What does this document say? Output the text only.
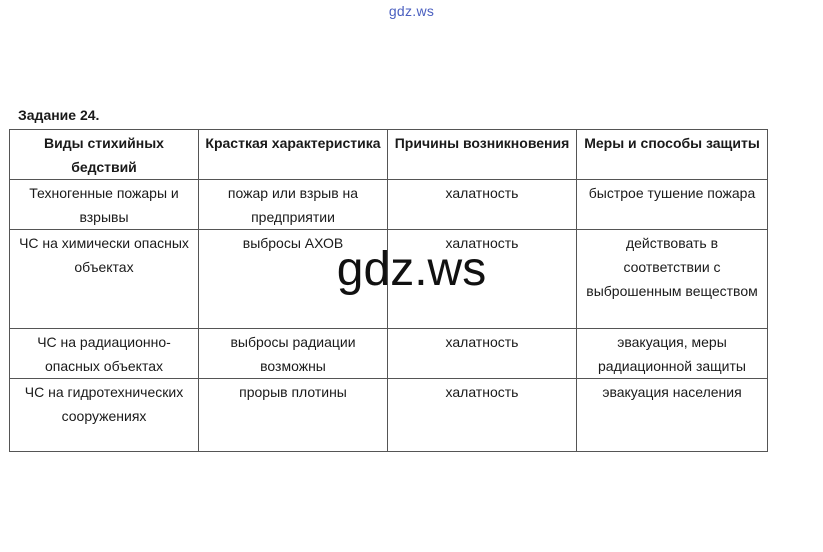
gdz.ws
Задание 24.
Виды стихийных бедствий	Красткая характеристика	Причины возникновения	Меры и способы защиты
Техногенные пожары и взрывы	пожар или взрыв на предприятии	халатность	быстрое тушение пожара
ЧС на химически опасных объектах	выбросы АХОВ	халатность	действовать в соответствии с выброшенным веществом
ЧС на радиационно-опасных объектах	выбросы радиации возможны	халатность	эвакуация, меры радиационной защиты
ЧС на гидротехнических сооружениях	прорыв плотины	халатность	эвакуация населения
gdz.ws
